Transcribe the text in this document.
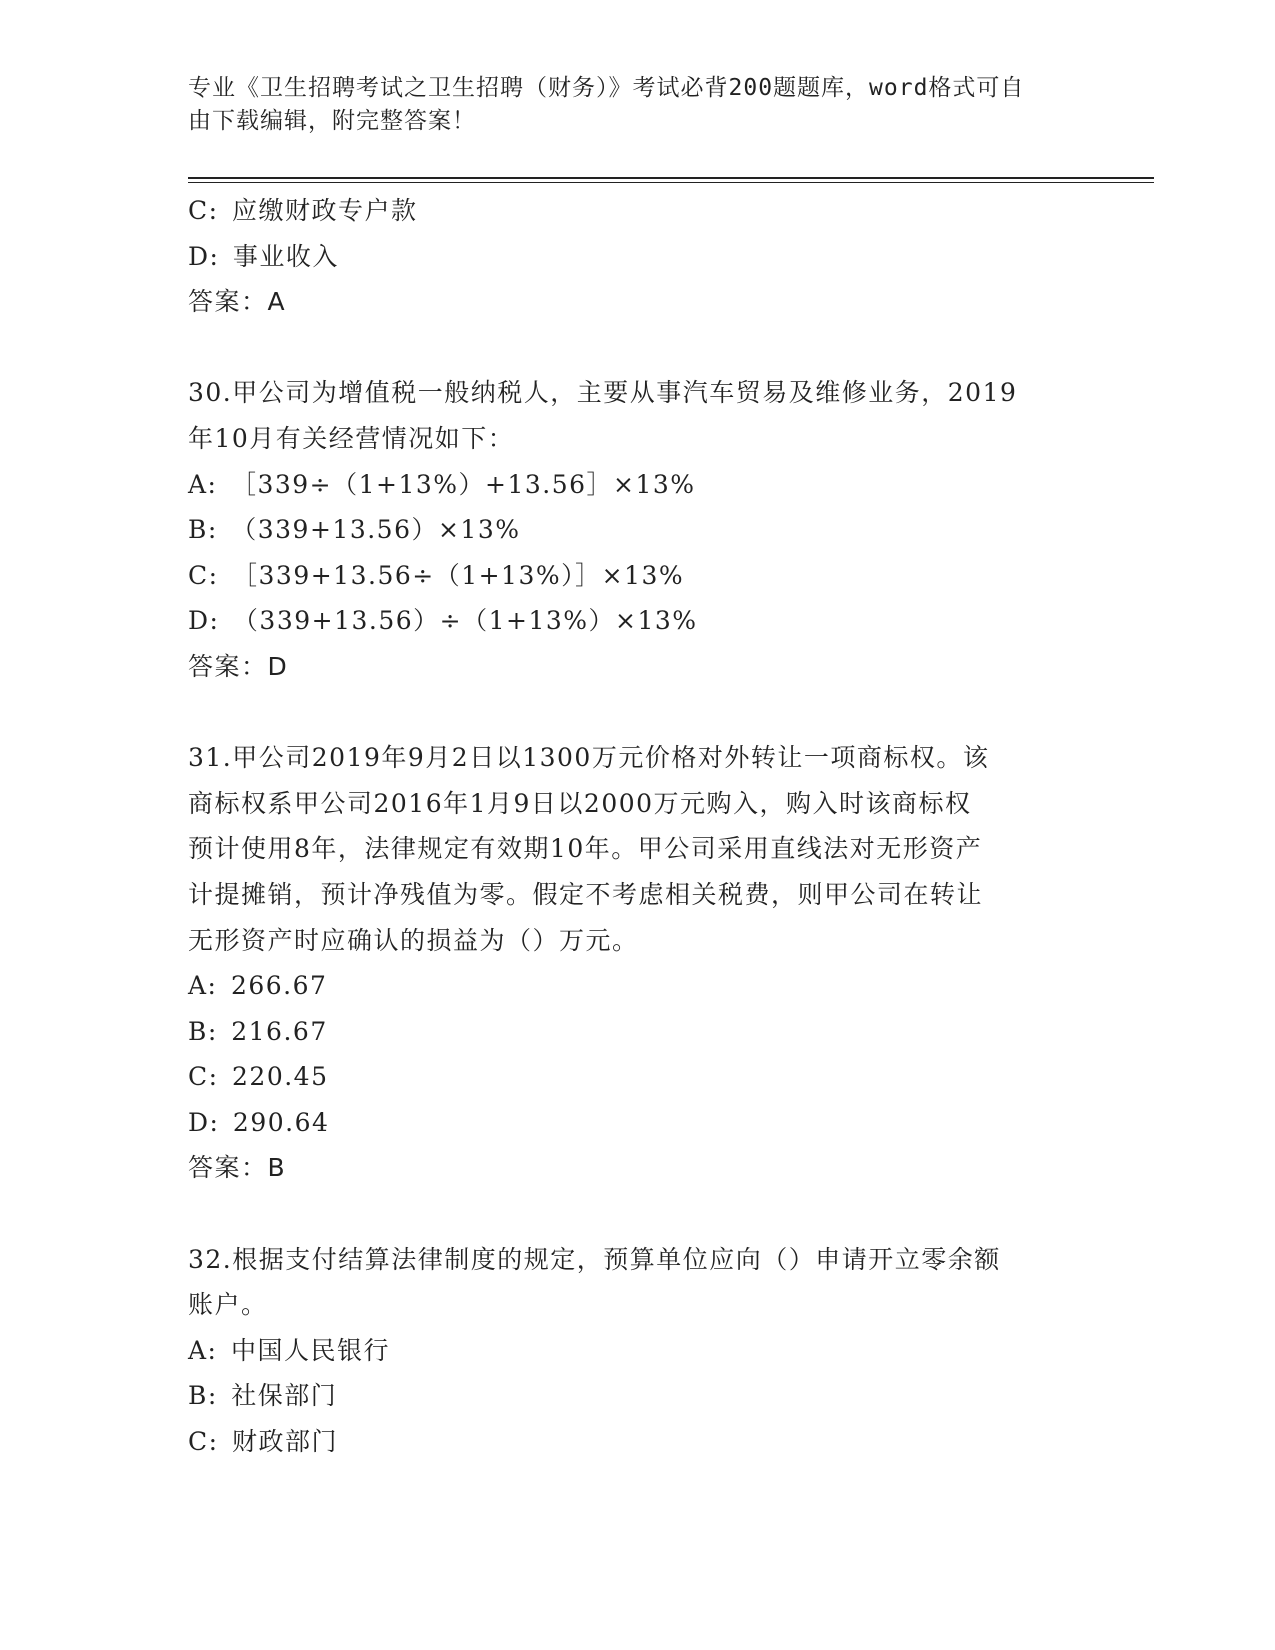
专业《卫生招聘考试之卫生招聘（财务）》考试必背200题题库，word格式可自
由下载编辑，附完整答案！
C: 应缴财政专户款
D: 事业收入
答案：A
30.甲公司为增值税一般纳税人，主要从事汽车贸易及维修业务，2019
年10月有关经营情况如下：
A: ［339÷（1+13%）+13.56］×13%
B: （339+13.56）×13%
C: ［339+13.56÷（1+13%）］×13%
D: （339+13.56）÷（1+13%）×13%
答案：D
31.甲公司2019年9月2日以1300万元价格对外转让一项商标权。该
商标权系甲公司2016年1月9日以2000万元购入，购入时该商标权
预计使用8年，法律规定有效期10年。甲公司采用直线法对无形资产
计提摊销，预计净残值为零。假定不考虑相关税费，则甲公司在转让
无形资产时应确认的损益为（）万元。
A: 266.67
B: 216.67
C: 220.45
D: 290.64
答案：B
32.根据支付结算法律制度的规定，预算单位应向（）申请开立零余额
账户。
A: 中国人民银行
B: 社保部门
C: 财政部门
